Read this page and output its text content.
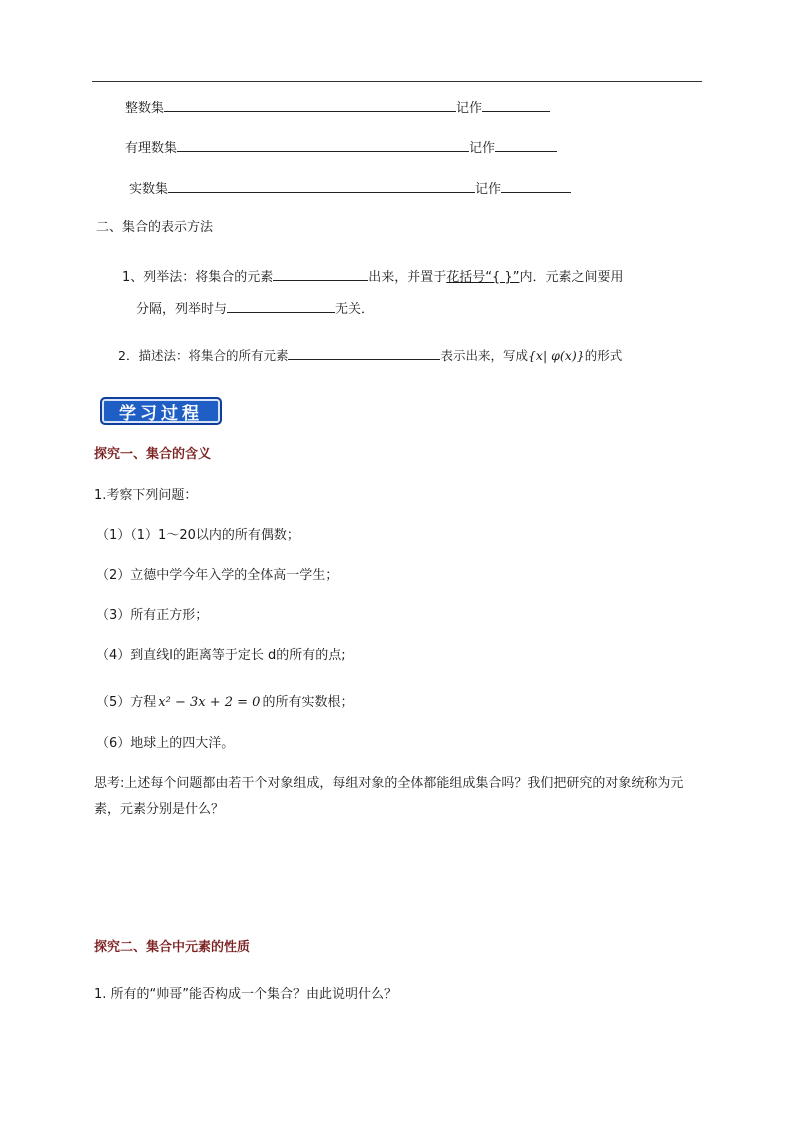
整数集	记作
有理数集	记作
实数集	记作
二、集合的表示方法
1、列举法：将集合的元素	出来，并置于花括号“{ }”内．元素之间要用
分隔，列举时与	无关．
2．描述法：将集合的所有元素	表示出来，写成{x| φ(x)}的形式
学习过程
探究一、集合的含义
1.考察下列问题：
（1）（1）1～20以内的所有偶数；
（2）立德中学今年入学的全体高一学生；
（3）所有正方形；
（4）到直线l的距离等于定长 d的所有的点;
（5）方程 x² − 3x + 2 = 0 的所有实数根；
（6）地球上的四大洋。
思考:上述每个问题都由若干个对象组成，每组对象的全体都能组成集合吗？我们把研究的对象统称为元素，元素分别是什么？
探究二、集合中元素的性质
1. 所有的“帅哥”能否构成一个集合？由此说明什么？
